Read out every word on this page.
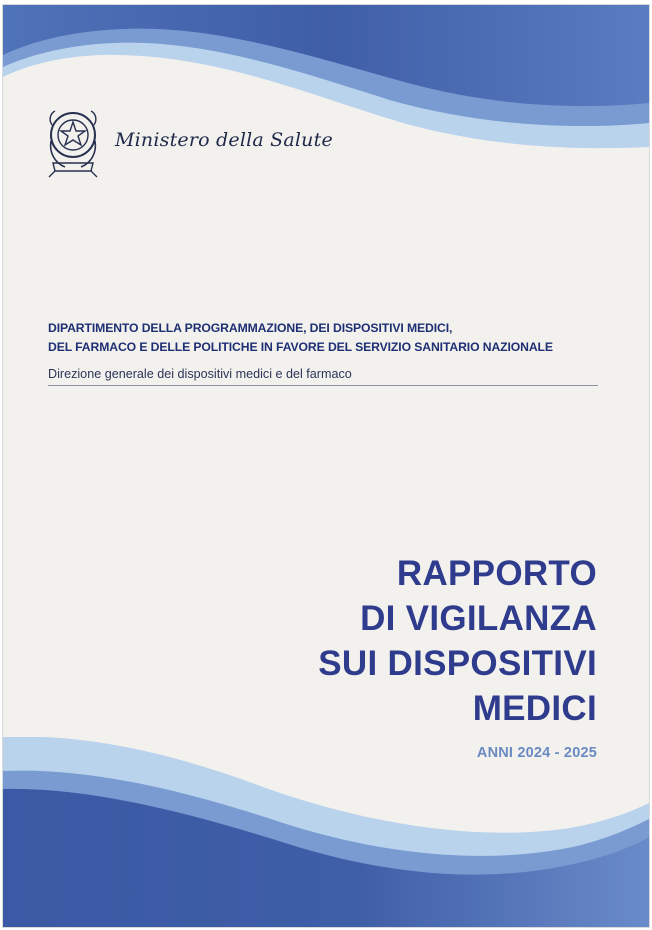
Ministero della Salute
DIPARTIMENTO DELLA PROGRAMMAZIONE, DEI DISPOSITIVI MEDICI,
DEL FARMACO E DELLE POLITICHE IN FAVORE DEL SERVIZIO SANITARIO NAZIONALE
Direzione generale dei dispositivi medici e del farmaco
RAPPORTO
DI VIGILANZA
SUI DISPOSITIVI
MEDICI
ANNI 2024 - 2025
